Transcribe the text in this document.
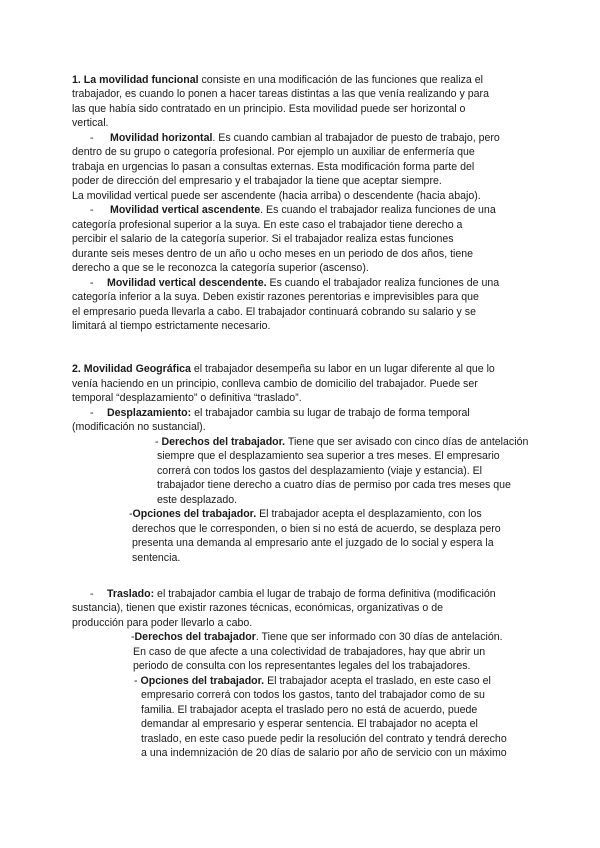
1. La movilidad funcional consiste en una modificación de las funciones que realiza el
trabajador, es cuando lo ponen a hacer tareas distintas a las que venía realizando y para
las que había sido contratado en un principio. Esta movilidad puede ser horizontal o
vertical.
- Movilidad horizontal. Es cuando cambian al trabajador de puesto de trabajo, pero
dentro de su grupo o categoría profesional. Por ejemplo un auxiliar de enfermería que
trabaja en urgencias lo pasan a consultas externas. Esta modificación forma parte del
poder de dirección del empresario y el trabajador la tiene que aceptar siempre.
La movilidad vertical puede ser ascendente (hacia arriba) o descendente (hacia abajo).
- Movilidad vertical ascendente. Es cuando el trabajador realiza funciones de una
categoría profesional superior a la suya. En este caso el trabajador tiene derecho a
percibir el salario de la categoría superior. Si el trabajador realiza estas funciones
durante seis meses dentro de un año u ocho meses en un periodo de dos años, tiene
derecho a que se le reconozca la categoría superior (ascenso).
- Movilidad vertical descendente. Es cuando el trabajador realiza funciones de una
categoría inferior a la suya. Deben existir razones perentorias e imprevisibles para que
el empresario pueda llevarla a cabo. El trabajador continuará cobrando su salario y se
limitará al tiempo estrictamente necesario.
2. Movilidad Geográfica el trabajador desempeña su labor en un lugar diferente al que lo
venía haciendo en un principio, conlleva cambio de domicilio del trabajador. Puede ser
temporal “desplazamiento” o definitiva “traslado”.
- Desplazamiento: el trabajador cambia su lugar de trabajo de forma temporal
(modificación no sustancial).
- Derechos del trabajador. Tiene que ser avisado con cinco días de antelación
siempre que el desplazamiento sea superior a tres meses. El empresario
correrá con todos los gastos del desplazamiento (viaje y estancia). El
trabajador tiene derecho a cuatro días de permiso por cada tres meses que
este desplazado.
-Opciones del trabajador. El trabajador acepta el desplazamiento, con los
derechos que le corresponden, o bien si no está de acuerdo, se desplaza pero
presenta una demanda al empresario ante el juzgado de lo social y espera la
sentencia.
- Traslado: el trabajador cambia el lugar de trabajo de forma definitiva (modificación
sustancia), tienen que existir razones técnicas, económicas, organizativas o de
producción para poder llevarlo a cabo.
-Derechos del trabajador. Tiene que ser informado con 30 días de antelación.
En caso de que afecte a una colectividad de trabajadores, hay que abrir un
periodo de consulta con los representantes legales del los trabajadores.
- Opciones del trabajador. El trabajador acepta el traslado, en este caso el
empresario correrá con todos los gastos, tanto del trabajador como de su
familia. El trabajador acepta el traslado pero no está de acuerdo, puede
demandar al empresario y esperar sentencia. El trabajador no acepta el
traslado, en este caso puede pedir la resolución del contrato y tendrá derecho
a una indemnización de 20 días de salario por año de servicio con un máximo
